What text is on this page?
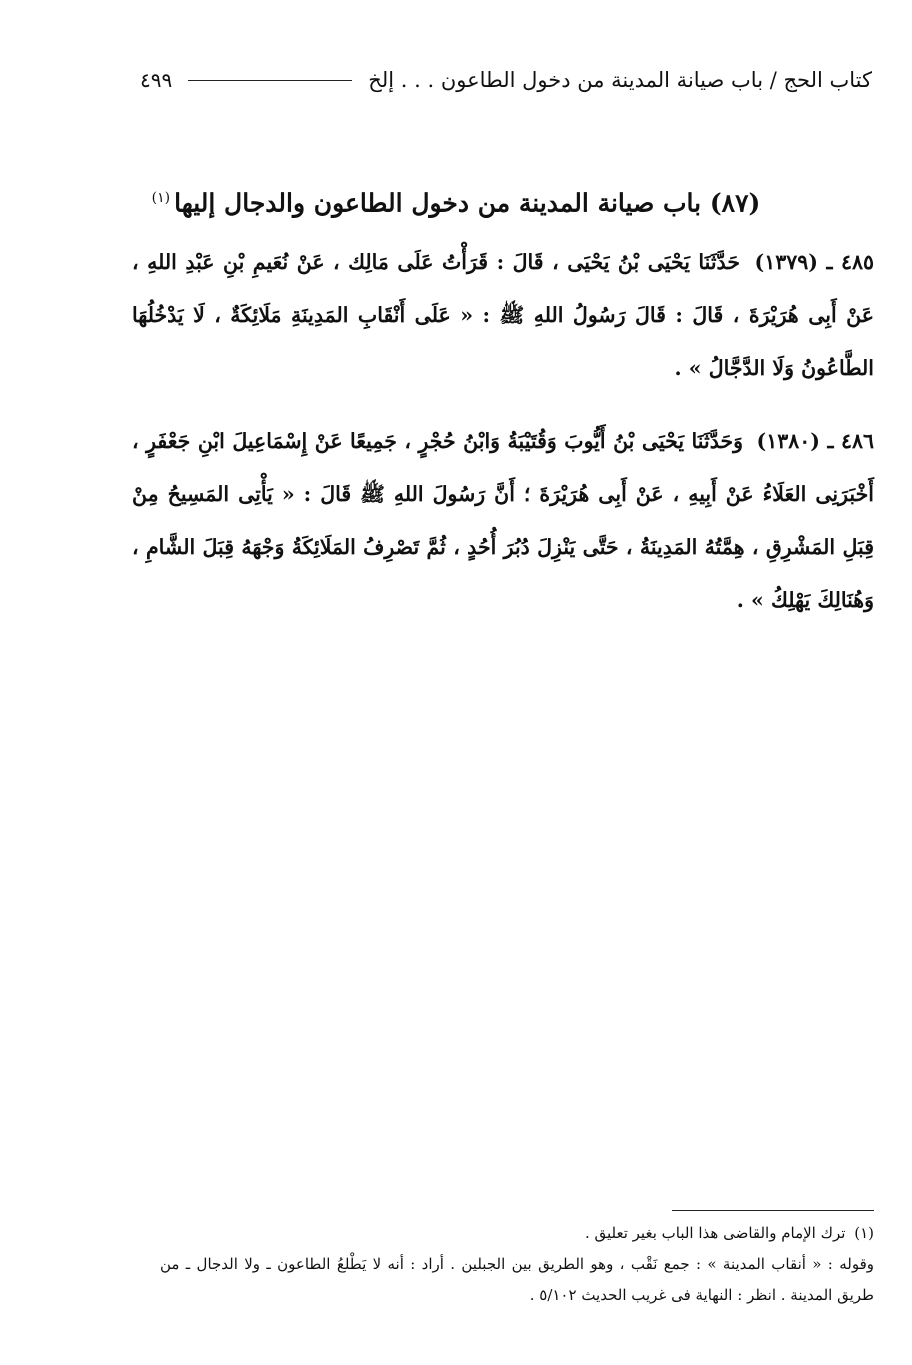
كتاب الحج / باب صيانة المدينة من دخول الطاعون . . . إلخ
٤٩٩
(٨٧) باب صيانة المدينة من دخول الطاعون والدجال إليها$^{(١)}$

٤٨٥ ـ (١٣٧٩) حَدَّثَنَا يَحْيَى بْنُ يَحْيَى ، قَالَ : قَرَأْتُ عَلَى مَالِك ، عَنْ نُعَيمِ بْنِ عَبْدِ اللهِ ، عَنْ أَبِى هُرَيْرَةَ ، قَالَ : قَالَ رَسُولُ اللهِ ﷺ : « عَلَى أَنْقَابِ المَدِينَةِ مَلَائِكَةٌ ، لَا يَدْخُلُهَا الطَّاعُونُ وَلَا الدَّجَّالُ » .

٤٨٦ ـ (١٣٨٠) وَحَدَّثَنَا يَحْيَى بْنُ أَيُّوبَ وَقُتَيْبَةُ وَابْنُ حُجْرٍ ، جَمِيعًا عَنْ إِسْمَاعِيلَ ابْنِ جَعْفَرٍ ، أَخْبَرَنِى العَلَاءُ عَنْ أَبِيهِ ، عَنْ أَبِى هُرَيْرَةَ ؛ أَنَّ رَسُولَ اللهِ ﷺ قَالَ : « يَأْتِى المَسِيحُ مِنْ قِبَلِ المَشْرِقِ ، هِمَّتُهُ المَدِينَةُ ، حَتَّى يَنْزِلَ دُبُرَ أُحُدٍ ، ثُمَّ تَصْرِفُ المَلَائِكَةُ وَجْهَهُ قِبَلَ الشَّامِ ، وَهُنَالِكَ يَهْلِكُ » .

(١) ترك الإمام والقاضى هذا الباب بغير تعليق .

وقوله : « أنقاب المدينة » : جمع نَقْب ، وهو الطريق بين الجبلين . أراد : أنه لا يَطْلعُ الطاعون ـ ولا الدجال ـ من طريق المدينة . انظر : النهاية فى غريب الحديث ٥/١٠٢ .
